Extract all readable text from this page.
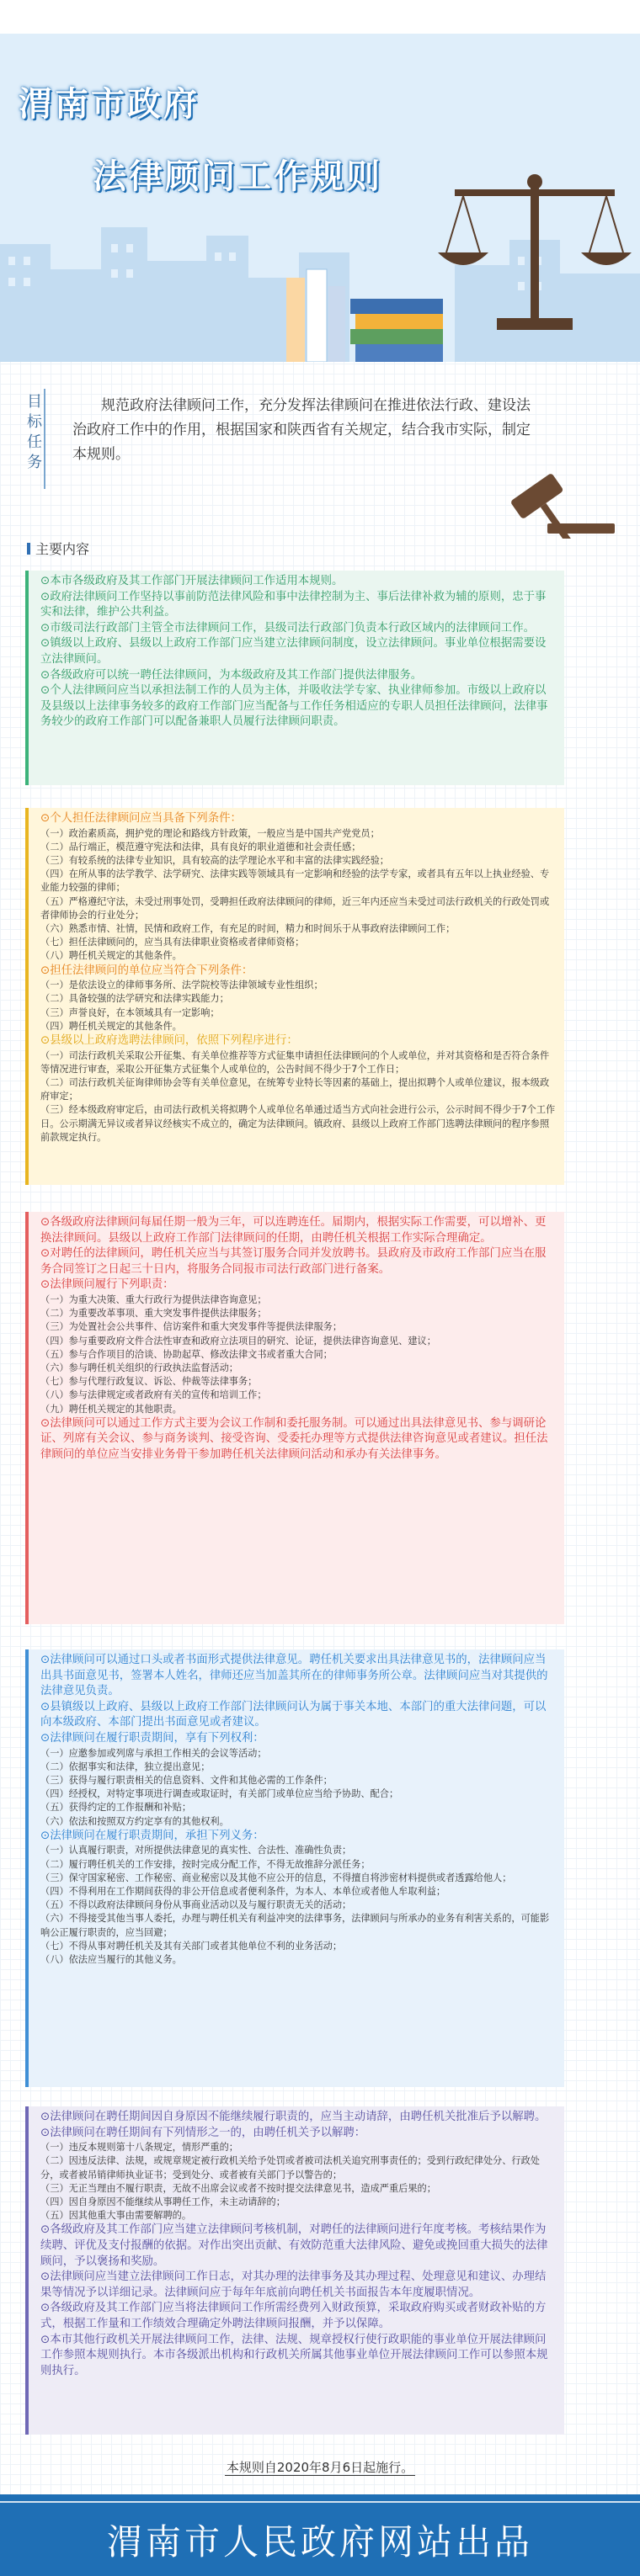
渭南市政府
法律顾问工作规则
目
标
任
务
规范政府法律顾问工作，充分发挥法律顾问在推进依法行政、建设法治政府工作中的作用，根据国家和陕西省有关规定，结合我市实际，制定本规则。
主要内容

⊙本市各级政府及其工作部门开展法律顾问工作适用本规则。

⊙政府法律顾问工作坚持以事前防范法律风险和事中法律控制为主、事后法律补救为辅的原则，忠于事实和法律，维护公共利益。

⊙市级司法行政部门主管全市法律顾问工作，县级司法行政部门负责本行政区域内的法律顾问工作。

⊙镇级以上政府、县级以上政府工作部门应当建立法律顾问制度，设立法律顾问。事业单位根据需要设立法律顾问。

⊙各级政府可以统一聘任法律顾问，为本级政府及其工作部门提供法律服务。

⊙个人法律顾问应当以承担法制工作的人员为主体，并吸收法学专家、执业律师参加。市级以上政府以及县级以上法律事务较多的政府工作部门应当配备与工作任务相适应的专职人员担任法律顾问，法律事务较少的政府工作部门可以配备兼职人员履行法律顾问职责。

⊙个人担任法律顾问应当具备下列条件：

（一）政治素质高，拥护党的理论和路线方针政策，一般应当是中国共产党党员；

（二）品行端正，模范遵守宪法和法律，具有良好的职业道德和社会责任感；

（三）有较系统的法律专业知识，具有较高的法学理论水平和丰富的法律实践经验；

（四）在所从事的法学教学、法学研究、法律实践等领域具有一定影响和经验的法学专家，或者具有五年以上执业经验、专业能力较强的律师；

（五）严格遵纪守法，未受过刑事处罚，受聘担任政府法律顾问的律师，近三年内还应当未受过司法行政机关的行政处罚或者律师协会的行业处分；

（六）熟悉市情、社情，民情和政府工作，有充足的时间，精力和时间乐于从事政府法律顾问工作；

（七）担任法律顾问的，应当具有法律职业资格或者律师资格；

（八）聘任机关规定的其他条件。

⊙担任法律顾问的单位应当符合下列条件：

（一）是依法设立的律师事务所、法学院校等法律领域专业性组织；

（二）具备较强的法学研究和法律实践能力；

（三）声誉良好，在本领域具有一定影响；

（四）聘任机关规定的其他条件。

⊙县级以上政府选聘法律顾问，依照下列程序进行：

（一）司法行政机关采取公开征集、有关单位推荐等方式征集申请担任法律顾问的个人或单位，并对其资格和是否符合条件等情况进行审查，采取公开征集方式征集个人或单位的，公告时间不得少于7个工作日；

（二）司法行政机关征询律师协会等有关单位意见，在统筹专业特长等因素的基础上，提出拟聘个人或单位建议，报本级政府审定；

（三）经本级政府审定后，由司法行政机关将拟聘个人或单位名单通过适当方式向社会进行公示，公示时间不得少于7个工作日。公示期满无异议或者异议经核实不成立的，确定为法律顾问。镇政府、县级以上政府工作部门选聘法律顾问的程序参照前款规定执行。

⊙各级政府法律顾问每届任期一般为三年，可以连聘连任。届期内，根据实际工作需要，可以增补、更换法律顾问。县级以上政府工作部门法律顾问的任期，由聘任机关根据工作实际合理确定。

⊙对聘任的法律顾问，聘任机关应当与其签订服务合同并发放聘书。县政府及市政府工作部门应当在服务合同签订之日起三十日内，将服务合同报市司法行政部门进行备案。

⊙法律顾问履行下列职责：

（一）为重大决策、重大行政行为提供法律咨询意见；

（二）为重要改革事项、重大突发事件提供法律服务；

（三）为处置社会公共事件、信访案件和重大突发事件等提供法律服务；

（四）参与重要政府文件合法性审查和政府立法项目的研究、论证，提供法律咨询意见、建议；

（五）参与合作项目的洽谈、协助起草、修改法律文书或者重大合同；

（六）参与聘任机关组织的行政执法监督活动；

（七）参与代理行政复议、诉讼、仲裁等法律事务；

（八）参与法律规定或者政府有关的宣传和培训工作；

（九）聘任机关规定的其他职责。

⊙法律顾问可以通过工作方式主要为会议工作制和委托服务制。可以通过出具法律意见书、参与调研论证、列席有关会议、参与商务谈判、接受咨询、受委托办理等方式提供法律咨询意见或者建议。担任法律顾问的单位应当安排业务骨干参加聘任机关法律顾问活动和承办有关法律事务。

⊙法律顾问可以通过口头或者书面形式提供法律意见。聘任机关要求出具法律意见书的，法律顾问应当出具书面意见书，签署本人姓名，律师还应当加盖其所在的律师事务所公章。法律顾问应当对其提供的法律意见负责。

⊙县镇级以上政府、县级以上政府工作部门法律顾问认为属于事关本地、本部门的重大法律问题，可以向本级政府、本部门提出书面意见或者建议。

⊙法律顾问在履行职责期间，享有下列权利：

（一）应邀参加或列席与承担工作相关的会议等活动；

（二）依据事实和法律，独立提出意见；

（三）获得与履行职责相关的信息资料、文件和其他必需的工作条件；

（四）经授权，对特定事项进行调查或取证时，有关部门或单位应当给予协助、配合；

（五）获得约定的工作报酬和补贴；

（六）依法和按照双方约定享有的其他权利。

⊙法律顾问在履行职责期间，承担下列义务：

（一）认真履行职责，对所提供法律意见的真实性、合法性、准确性负责；

（二）履行聘任机关的工作安排，按时完成分配工作，不得无故推辞分派任务；

（三）保守国家秘密、工作秘密、商业秘密以及其他不应公开的信息，不得擅自将涉密材料提供或者透露给他人；

（四）不得利用在工作期间获得的非公开信息或者便利条件，为本人、本单位或者他人牟取利益；

（五）不得以政府法律顾问身份从事商业活动以及与履行职责无关的活动；

（六）不得接受其他当事人委托，办理与聘任机关有利益冲突的法律事务，法律顾问与所承办的业务有利害关系的，可能影响公正履行职责的，应当回避；

（七）不得从事对聘任机关及其有关部门或者其他单位不利的业务活动；

（八）依法应当履行的其他义务。

⊙法律顾问在聘任期间因自身原因不能继续履行职责的，应当主动请辞，由聘任机关批准后予以解聘。

⊙法律顾问在聘任期间有下列情形之一的，由聘任机关予以解聘：

（一）违反本规则第十八条规定，情形严重的；

（二）因违反法律、法规，或规章规定被行政机关给予处罚或者被司法机关追究刑事责任的；受到行政纪律处分、行政处分，或者被吊销律师执业证书；受到处分、或者被有关部门予以警告的；

（三）无正当理由不履行职责，无故不出席会议或者不按时提交法律意见书，造成严重后果的；

（四）因自身原因不能继续从事聘任工作，未主动请辞的；

（五）因其他重大事由需要解聘的。

⊙各级政府及其工作部门应当建立法律顾问考核机制，对聘任的法律顾问进行年度考核。考核结果作为续聘、评优及支付报酬的依据。对作出突出贡献、有效防范重大法律风险、避免或挽回重大损失的法律顾问，予以褒扬和奖励。

⊙法律顾问应当建立法律顾问工作日志，对其办理的法律事务及其办理过程、处理意见和建议、办理结果等情况予以详细记录。法律顾问应于每年年底前向聘任机关书面报告本年度履职情况。

⊙各级政府及其工作部门应当将法律顾问工作所需经费列入财政预算，采取政府购买或者财政补贴的方式，根据工作量和工作绩效合理确定外聘法律顾问报酬，并予以保障。

⊙本市其他行政机关开展法律顾问工作，法律、法规、规章授权行使行政职能的事业单位开展法律顾问工作参照本规则执行。本市各级派出机构和行政机关所属其他事业单位开展法律顾问工作可以参照本规则执行。

本规则自2020年8月6日起施行。
渭南市人民政府网站出品
